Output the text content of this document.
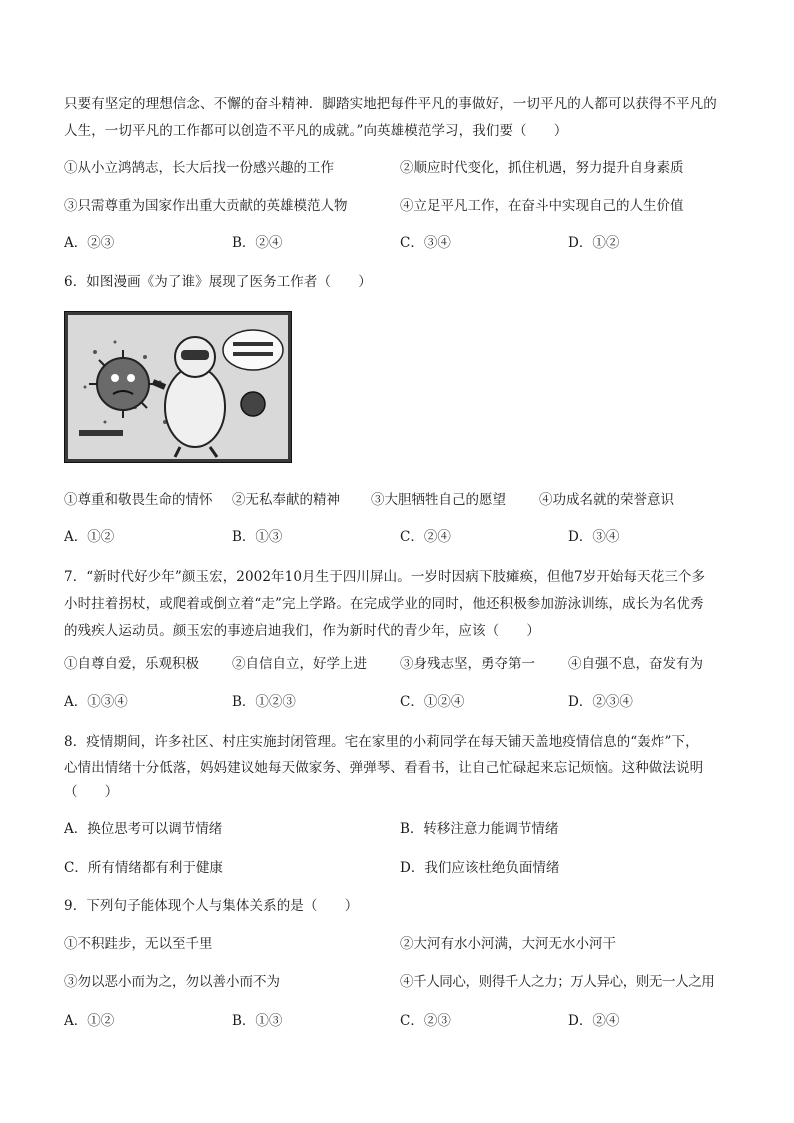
只要有坚定的理想信念、不懈的奋斗精神．脚踏实地把每件平凡的事做好，一切平凡的人都可以获得不平凡的
人生，一切平凡的工作都可以创造不平凡的成就。”向英雄模范学习，我们要（　　）
①从小立鸿鹄志，长大后找一份感兴趣的工作	②顺应时代变化，抓住机遇，努力提升自身素质
③只需尊重为国家作出重大贡献的英雄模范人物	④立足平凡工作，在奋斗中实现自己的人生价值
A．②③	B．②④	C．③④	D．①②
6．如图漫画《为了谁》展现了医务工作者（　　）
①尊重和敬畏生命的情怀 ②无私奉献的精神 ③大胆牺牲自己的愿望 ④功成名就的荣誉意识
A．①②	B．①③	C．②④	D．③④
7．“新时代好少年”颜玉宏，2002年10月生于四川屏山。一岁时因病下肢瘫痪，但他7岁开始每天花三个多
小时拄着拐杖，或爬着或倒立着“走”完上学路。在完成学业的同时，他还积极参加游泳训练，成长为名优秀
的残疾人运动员。颜玉宏的事迹启迪我们，作为新时代的青少年，应该（　　）
①自尊自爱，乐观积极 ②自信自立，好学上进 ③身残志坚，勇夺第一 ④自强不息，奋发有为
A．①③④	B．①②③	C．①②④	D．②③④
8．疫情期间，许多社区、村庄实施封闭管理。宅在家里的小莉同学在每天铺天盖地疫情信息的“轰炸”下，
心情出情绪十分低落，妈妈建议她每天做家务、弹弹琴、看看书，让自己忙碌起来忘记烦恼。这种做法说明
（　　）
A．换位思考可以调节情绪	B．转移注意力能调节情绪
C．所有情绪都有利于健康	D．我们应该杜绝负面情绪
9．下列句子能体现个人与集体关系的是（　　）
①不积跬步，无以至千里	②大河有水小河满，大河无水小河干
③勿以恶小而为之，勿以善小而不为	④千人同心，则得千人之力；万人异心，则无一人之用
A．①②	B．①③	C．②③	D．②④
